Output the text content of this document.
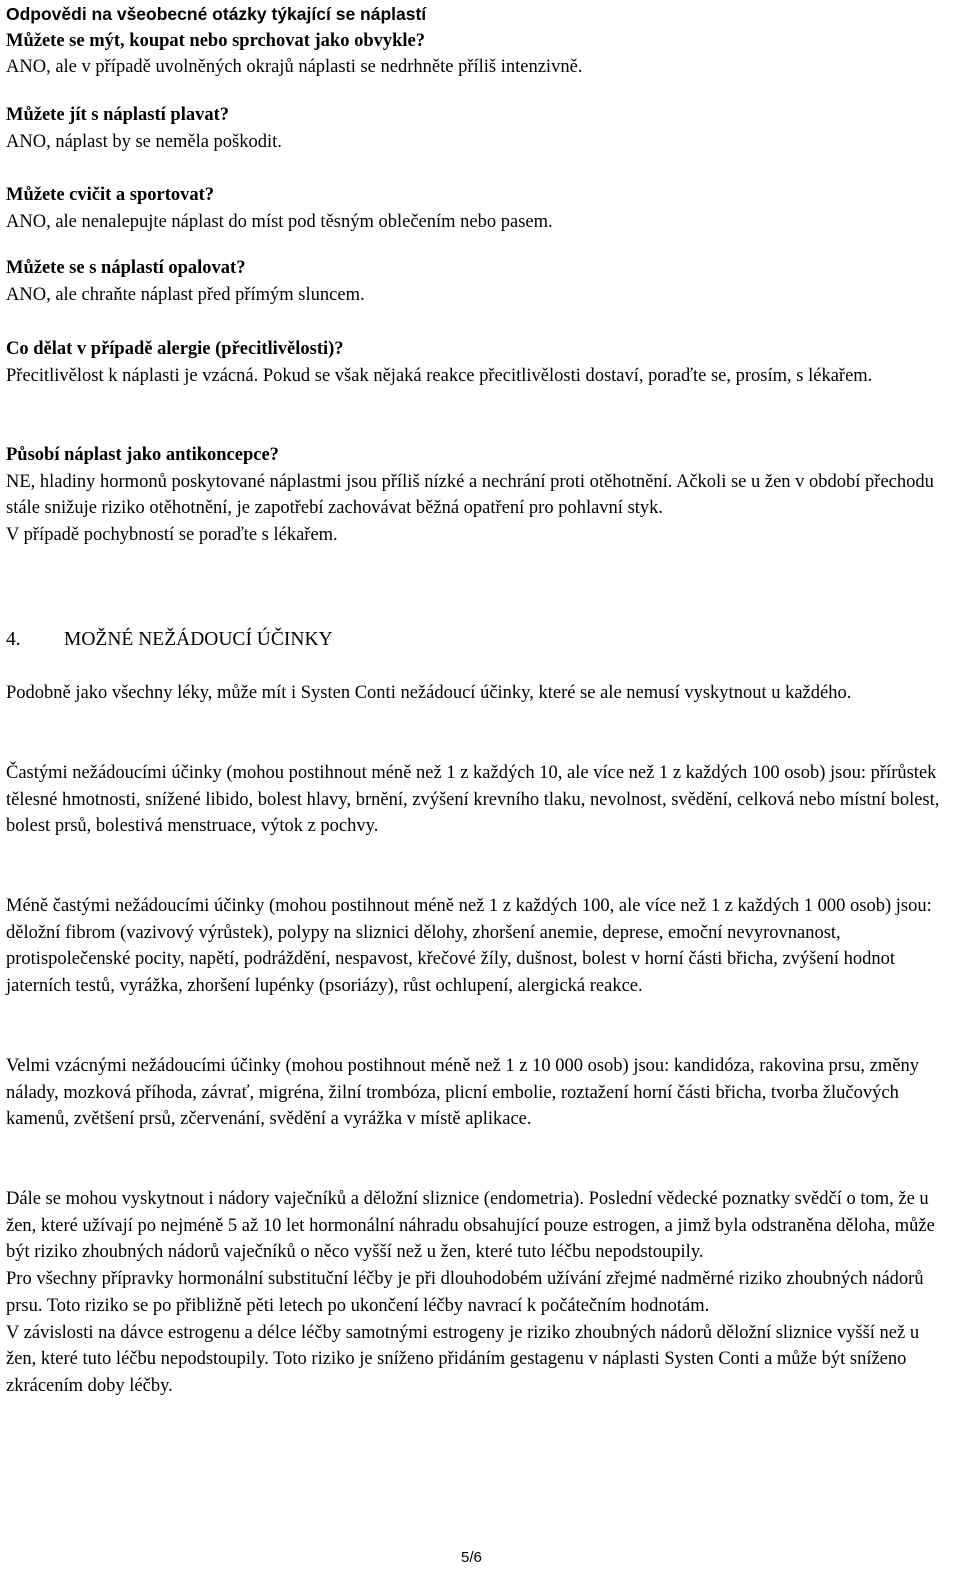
Odpovědi na všeobecné otázky týkající se náplastí

Můžete se mýt, koupat nebo sprchovat jako obvykle?

ANO, ale v případě uvolněných okrajů náplasti se nedrhněte příliš intenzivně.

Můžete jít s náplastí plavat?

ANO, náplast by se neměla poškodit.

Můžete cvičit a sportovat?

ANO, ale nenalepujte náplast do míst pod těsným oblečením nebo pasem.

Můžete se s náplastí opalovat?

ANO, ale chraňte náplast před přímým sluncem.

Co dělat v případě alergie (přecitlivělosti)?

Přecitlivělost k náplasti je vzácná. Pokud se však nějaká reakce přecitlivělosti dostaví, poraďte se, prosím, s lékařem.

Působí náplast jako antikoncepce?

NE, hladiny hormonů poskytované náplastmi jsou příliš nízké a nechrání proti otěhotnění. Ačkoli se u žen v období přechodu stále snižuje riziko otěhotnění, je zapotřebí zachovávat běžná opatření pro pohlavní styk.

V případě pochybností se poraďte s lékařem.

4. MOŽNÉ NEŽÁDOUCÍ ÚČINKY

Podobně jako všechny léky, může mít i Systen Conti nežádoucí účinky, které se ale nemusí vyskytnout u každého.

Častými nežádoucími účinky (mohou postihnout méně než 1 z každých 10, ale více než 1 z každých 100 osob) jsou: přírůstek tělesné hmotnosti, snížené libido, bolest hlavy, brnění, zvýšení krevního tlaku, nevolnost, svědění, celková nebo místní bolest, bolest prsů, bolestivá menstruace, výtok z pochvy.

Méně častými nežádoucími účinky (mohou postihnout méně než 1 z každých 100, ale více než 1 z každých 1 000 osob) jsou: děložní fibrom (vazivový výrůstek), polypy na sliznici dělohy, zhoršení anemie, deprese, emoční nevyrovnanost, protispolečenské pocity, napětí, podráždění, nespavost, křečové žíly, dušnost, bolest v horní části břicha, zvýšení hodnot jaterních testů, vyrážka, zhoršení lupénky (psoriázy), růst ochlupení, alergická reakce.

Velmi vzácnými nežádoucími účinky (mohou postihnout méně než 1 z 10 000 osob) jsou: kandidóza, rakovina prsu, změny nálady, mozková příhoda, závrať, migréna, žilní trombóza, plicní embolie, roztažení horní části břicha, tvorba žlučových kamenů, zvětšení prsů, zčervenání, svědění a vyrážka v místě aplikace.

Dále se mohou vyskytnout i nádory vaječníků a děložní sliznice (endometria). Poslední vědecké poznatky svědčí o tom, že u žen, které užívají po nejméně 5 až 10 let hormonální náhradu obsahující pouze estrogen, a jimž byla odstraněna děloha, může být riziko zhoubných nádorů vaječníků o něco vyšší než u žen, které tuto léčbu nepodstoupily.

Pro všechny přípravky hormonální substituční léčby je při dlouhodobém užívání zřejmé nadměrné riziko zhoubných nádorů prsu. Toto riziko se po přibližně pěti letech po ukončení léčby navrací k počátečním hodnotám.

V závislosti na dávce estrogenu a délce léčby samotnými estrogeny je riziko zhoubných nádorů děložní sliznice vyšší než u žen, které tuto léčbu nepodstoupily. Toto riziko je sníženo přidáním gestagenu v náplasti Systen Conti a může být sníženo zkrácením doby léčby.

5/6
